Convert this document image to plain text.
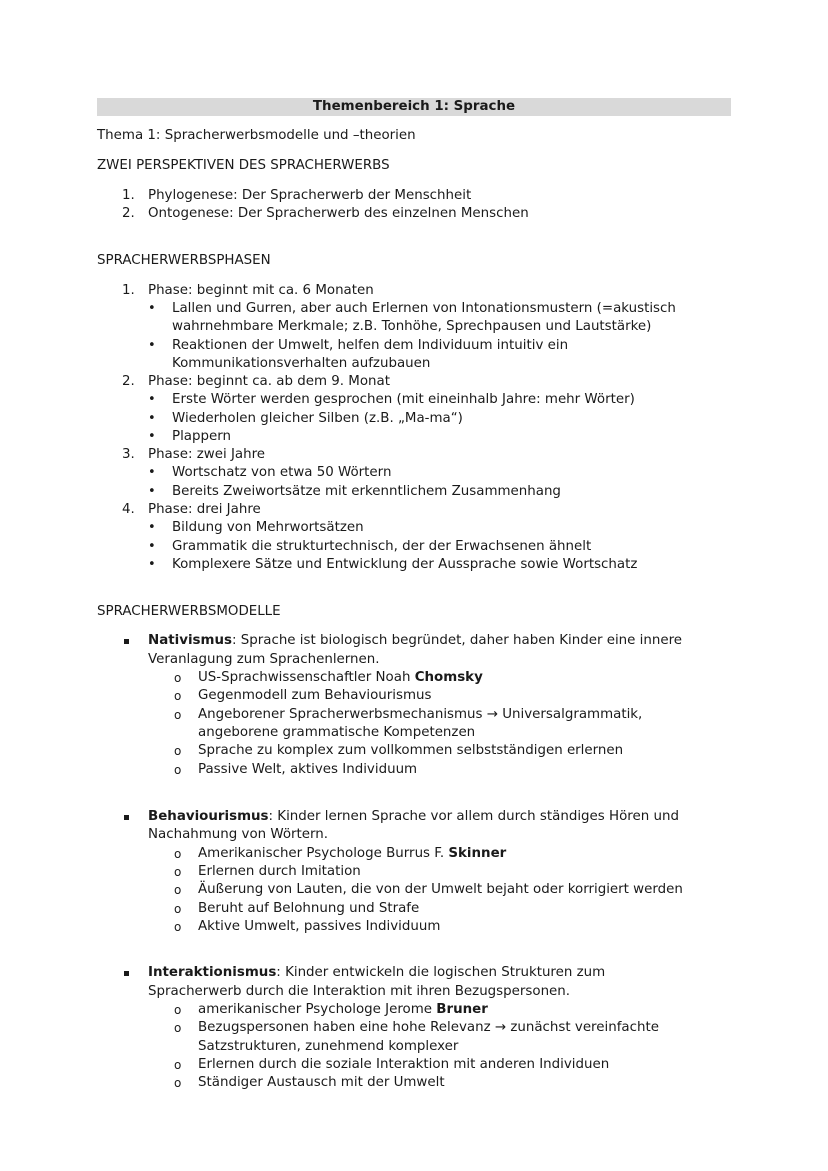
Themenbereich 1: Sprache
Thema 1: Spracherwerbsmodelle und –theorien
ZWEI PERSPEKTIVEN DES SPRACHERWERBS
1. Phylogenese: Der Spracherwerb der Menschheit
2. Ontogenese: Der Spracherwerb des einzelnen Menschen
SPRACHERWERBSPHASEN
1. Phase: beginnt mit ca. 6 Monaten
• Lallen und Gurren, aber auch Erlernen von Intonationsmustern (=akustisch
wahrnehmbare Merkmale; z.B. Tonhöhe, Sprechpausen und Lautstärke)
• Reaktionen der Umwelt, helfen dem Individuum intuitiv ein
Kommunikationsverhalten aufzubauen
2. Phase: beginnt ca. ab dem 9. Monat
• Erste Wörter werden gesprochen (mit eineinhalb Jahre: mehr Wörter)
• Wiederholen gleicher Silben (z.B. „Ma-ma“)
• Plappern
3. Phase: zwei Jahre
• Wortschatz von etwa 50 Wörtern
• Bereits Zweiwortsätze mit erkenntlichem Zusammenhang
4. Phase: drei Jahre
• Bildung von Mehrwortsätzen
• Grammatik die strukturtechnisch, der der Erwachsenen ähnelt
• Komplexere Sätze und Entwicklung der Aussprache sowie Wortschatz
SPRACHERWERBSMODELLE
Nativismus: Sprache ist biologisch begründet, daher haben Kinder eine innere
Veranlagung zum Sprachenlernen.
o US-Sprachwissenschaftler Noah Chomsky
o Gegenmodell zum Behaviourismus
o Angeborener Spracherwerbsmechanismus → Universalgrammatik,
angeborene grammatische Kompetenzen
o Sprache zu komplex zum vollkommen selbstständigen erlernen
o Passive Welt, aktives Individuum
Behaviourismus: Kinder lernen Sprache vor allem durch ständiges Hören und
Nachahmung von Wörtern.
o Amerikanischer Psychologe Burrus F. Skinner
o Erlernen durch Imitation
o Äußerung von Lauten, die von der Umwelt bejaht oder korrigiert werden
o Beruht auf Belohnung und Strafe
o Aktive Umwelt, passives Individuum
Interaktionismus: Kinder entwickeln die logischen Strukturen zum
Spracherwerb durch die Interaktion mit ihren Bezugspersonen.
o amerikanischer Psychologe Jerome Bruner
o Bezugspersonen haben eine hohe Relevanz → zunächst vereinfachte
Satzstrukturen, zunehmend komplexer
o Erlernen durch die soziale Interaktion mit anderen Individuen
o Ständiger Austausch mit der Umwelt
